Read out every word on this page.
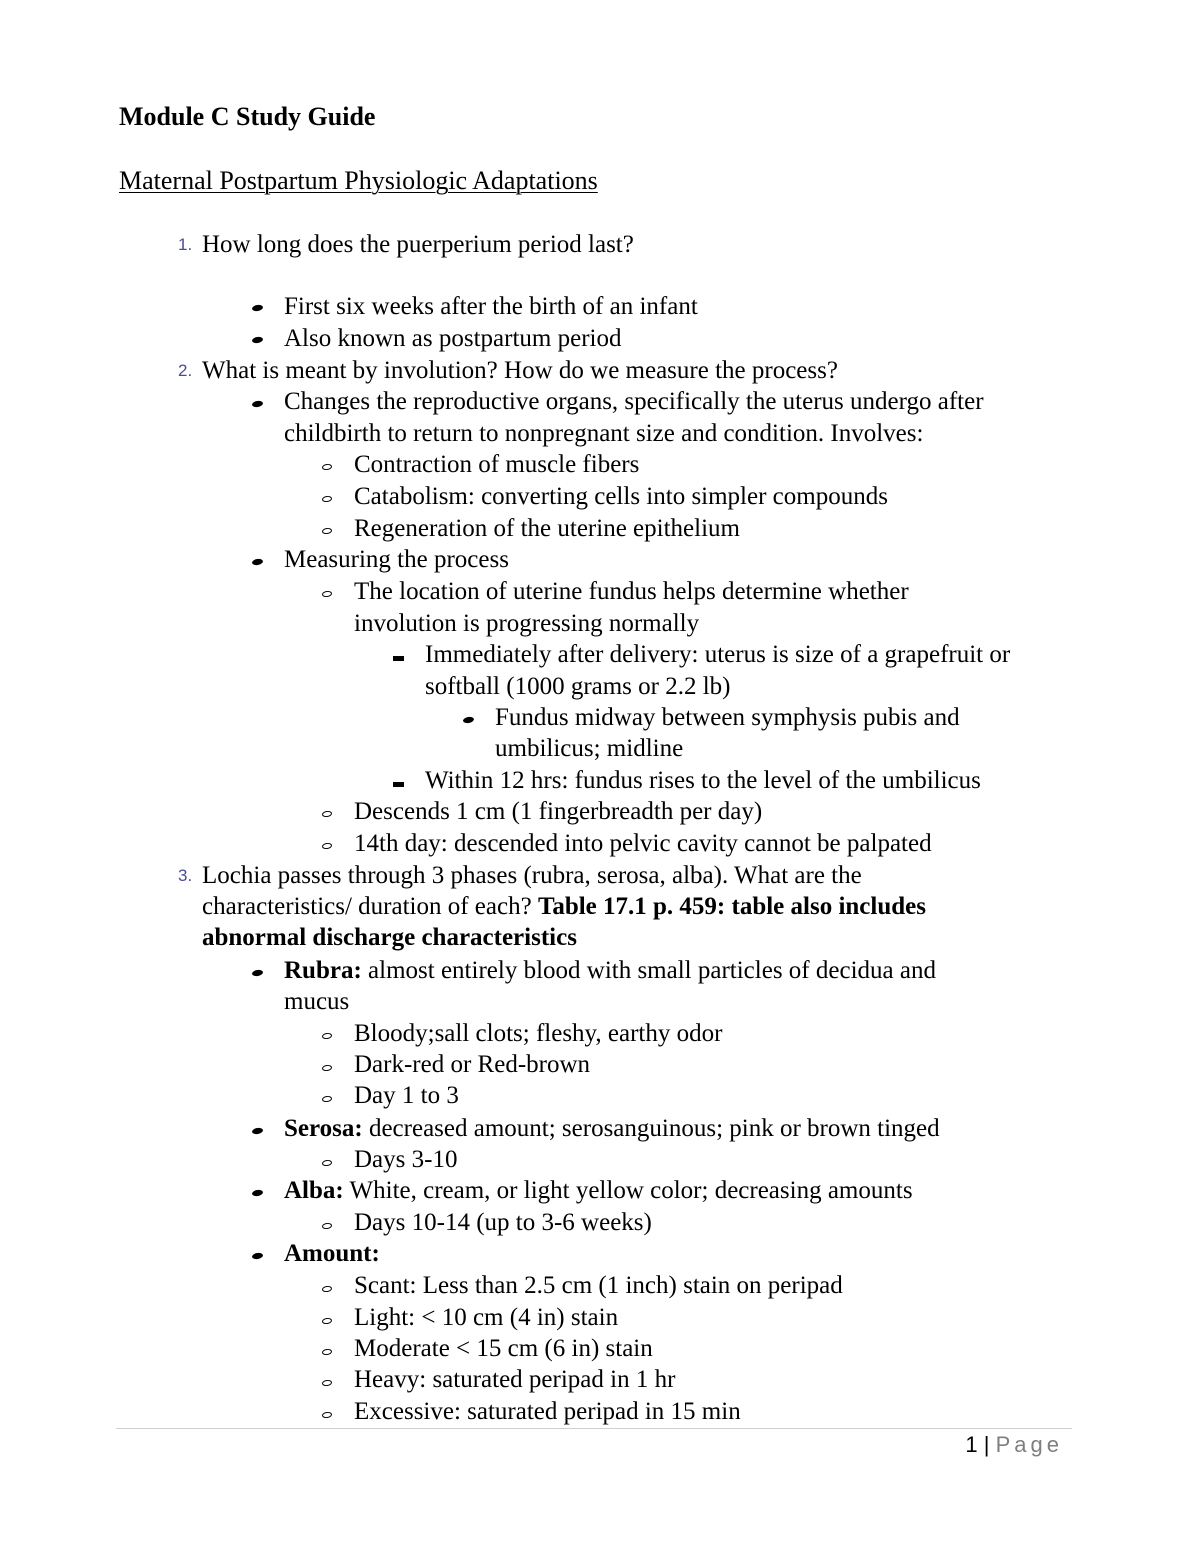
Module C Study Guide
Maternal Postpartum Physiologic Adaptations
1. How long does the puerperium period last?
First six weeks after the birth of an infant
Also known as postpartum period
2. What is meant by involution? How do we measure the process?
Changes the reproductive organs, specifically the uterus undergo after
childbirth to return to nonpregnant size and condition. Involves:
Contraction of muscle fibers
Catabolism: converting cells into simpler compounds
Regeneration of the uterine epithelium
Measuring the process
The location of uterine fundus helps determine whether
involution is progressing normally
Immediately after delivery: uterus is size of a grapefruit or
softball (1000 grams or 2.2 lb)
Fundus midway between symphysis pubis and
umbilicus; midline
Within 12 hrs: fundus rises to the level of the umbilicus
Descends 1 cm (1 fingerbreadth per day)
14th day: descended into pelvic cavity cannot be palpated
3. Lochia passes through 3 phases (rubra, serosa, alba). What are the
characteristics/ duration of each? Table 17.1 p. 459: table also includes
abnormal discharge characteristics
Rubra: almost entirely blood with small particles of decidua and
mucus
Bloody;sall clots; fleshy, earthy odor
Dark-red or Red-brown
Day 1 to 3
Serosa: decreased amount; serosanguinous; pink or brown tinged
Days 3-10
Alba: White, cream, or light yellow color; decreasing amounts
Days 10-14 (up to 3-6 weeks)
Amount:
Scant: Less than 2.5 cm (1 inch) stain on peripad
Light: < 10 cm (4 in) stain
Moderate < 15 cm (6 in) stain
Heavy: saturated peripad in 1 hr
Excessive: saturated peripad in 15 min
1 | Page
